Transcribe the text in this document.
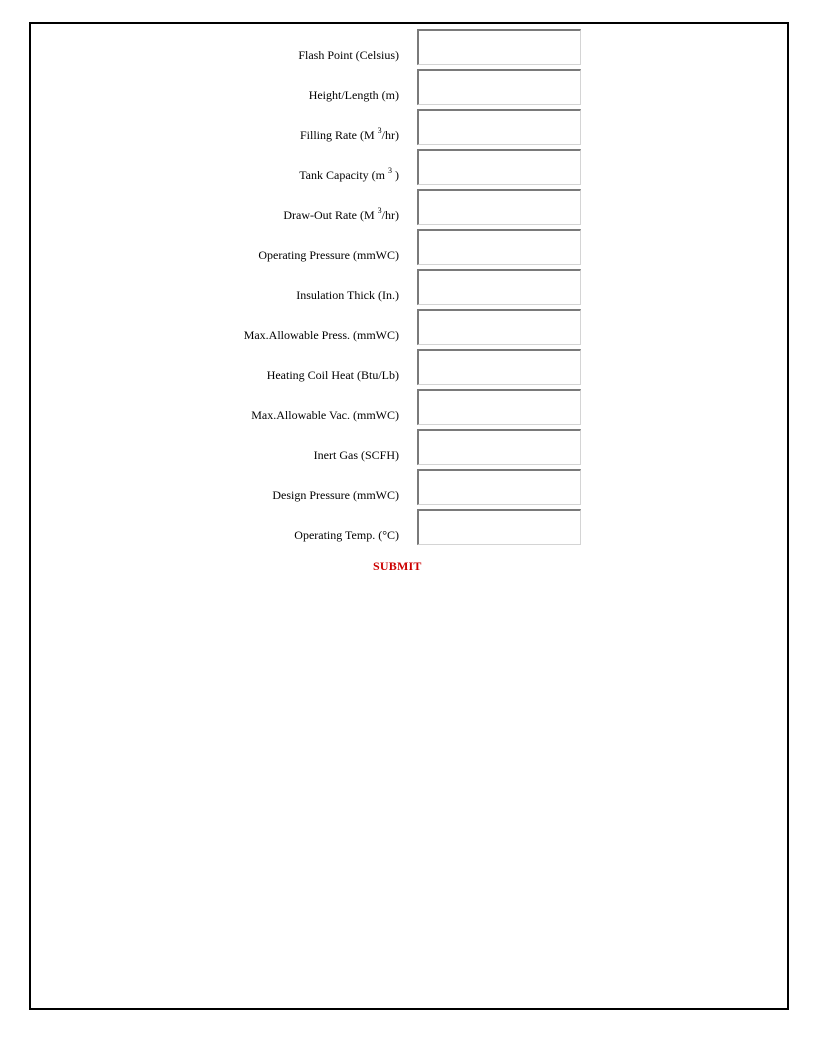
Flash Point (Celsius)
Height/Length (m)
Filling Rate (M $^3$/hr)
Tank Capacity (m $^3$ )
Draw-Out Rate (M $^3$/hr)
Operating Pressure (mmWC)
Insulation Thick (In.)
Max.Allowable Press. (mmWC)
Heating Coil Heat (Btu/Lb)
Max.Allowable Vac. (mmWC)
Inert Gas (SCFH)
Design Pressure (mmWC)
Operating Temp. (°C)
SUBMIT
